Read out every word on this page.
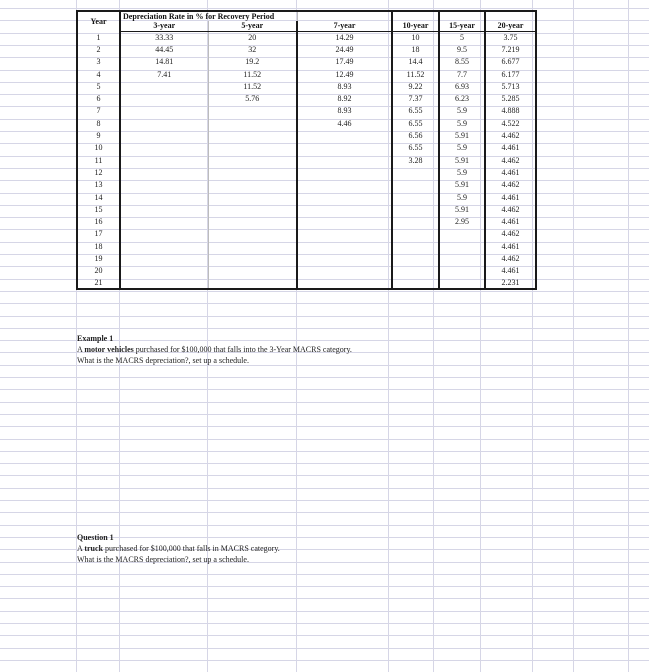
Year	Depreciation Rate in % for Recovery Period					
	3-year	5-year	7-year	10-year	15-year	20-year
1	33.33	20	14.29	10	5	3.75
2	44.45	32	24.49	18	9.5	7.219
3	14.81	19.2	17.49	14.4	8.55	6.677
4	7.41	11.52	12.49	11.52	7.7	6.177
5		11.52	8.93	9.22	6.93	5.713
6		5.76	8.92	7.37	6.23	5.285
7			8.93	6.55	5.9	4.888
8			4.46	6.55	5.9	4.522
9				6.56	5.91	4.462
10				6.55	5.9	4.461
11				3.28	5.91	4.462
12					5.9	4.461
13					5.91	4.462
14					5.9	4.461
15					5.91	4.462
16					2.95	4.461
17						4.462
18						4.461
19						4.462
20						4.461
21						2.231
Example 1
A motor vehicles purchased for $100,000 that falls into the 3-Year MACRS category.
What is the MACRS depreciation?, set up a schedule.
Question 1
A truck purchased for $100,000 that falls in MACRS category.
What is the MACRS depreciation?, set up a schedule.
